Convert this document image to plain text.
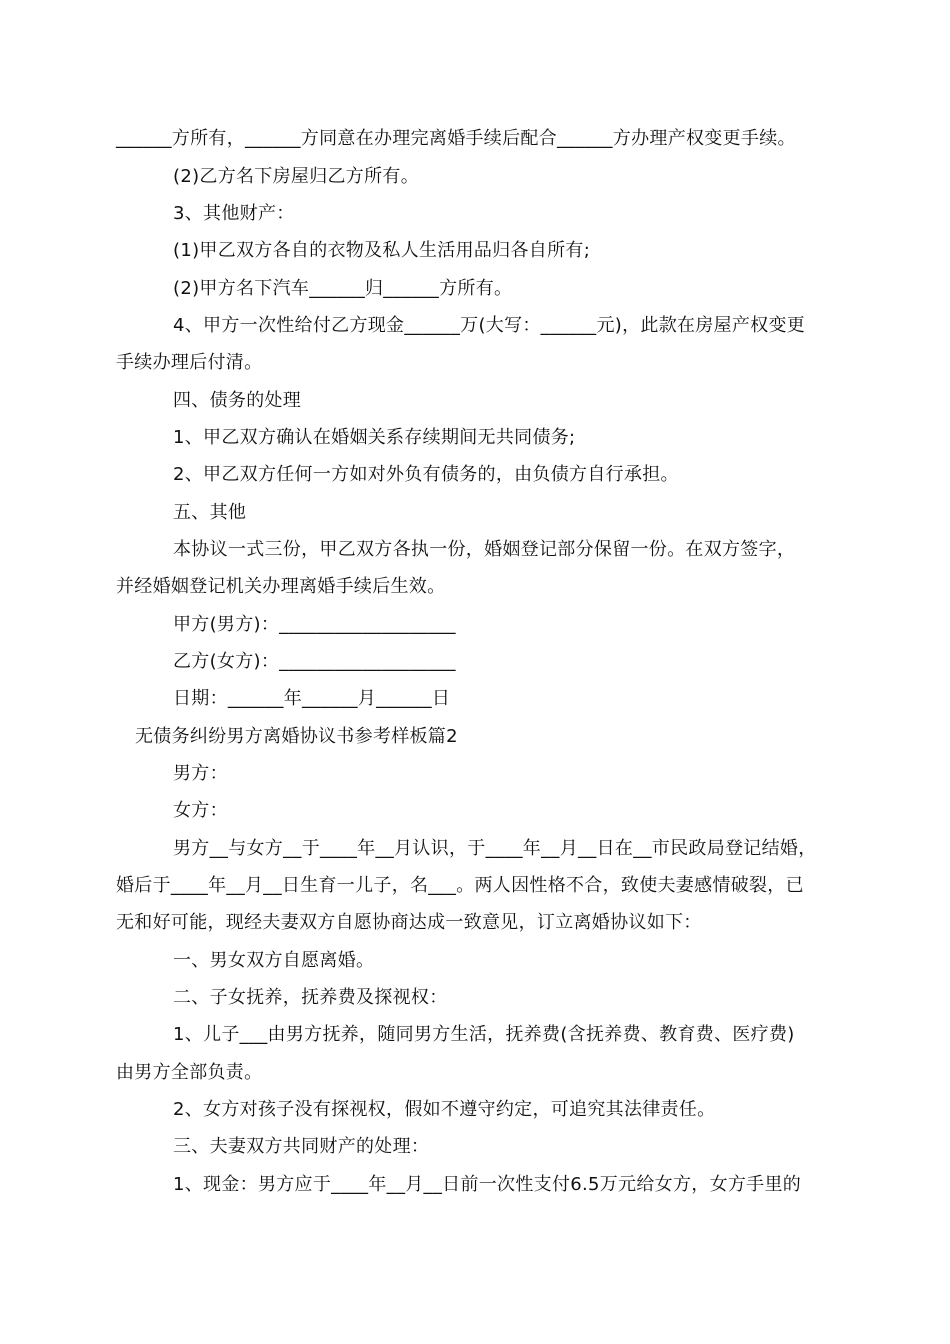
______方所有，______方同意在办理完离婚手续后配合______方办理产权变更手续。
(2)乙方名下房屋归乙方所有。
3、其他财产：
(1)甲乙双方各自的衣物及私人生活用品归各自所有;
(2)甲方名下汽车______归______方所有。
4、甲方一次性给付乙方现金______万(大写：______元)，此款在房屋产权变更
手续办理后付清。
四、债务的处理
1、甲乙双方确认在婚姻关系存续期间无共同债务;
2、甲乙双方任何一方如对外负有债务的，由负债方自行承担。
五、其他
本协议一式三份，甲乙双方各执一份，婚姻登记部分保留一份。在双方签字，
并经婚姻登记机关办理离婚手续后生效。
甲方(男方)：___________________
乙方(女方)：___________________
日期：______年______月______日
无债务纠纷男方离婚协议书参考样板篇2
男方：
女方：
男方__与女方__于____年__月认识，于____年__月__日在__市民政局登记结婚，
婚后于____年__月__日生育一儿子，名___。两人因性格不合，致使夫妻感情破裂，已
无和好可能，现经夫妻双方自愿协商达成一致意见，订立离婚协议如下：
一、男女双方自愿离婚。
二、子女抚养，抚养费及探视权：
1、儿子___由男方抚养，随同男方生活，抚养费(含抚养费、教育费、医疗费)
由男方全部负责。
2、女方对孩子没有探视权，假如不遵守约定，可追究其法律责任。
三、夫妻双方共同财产的处理：
1、现金：男方应于____年__月__日前一次性支付6.5万元给女方，女方手里的
